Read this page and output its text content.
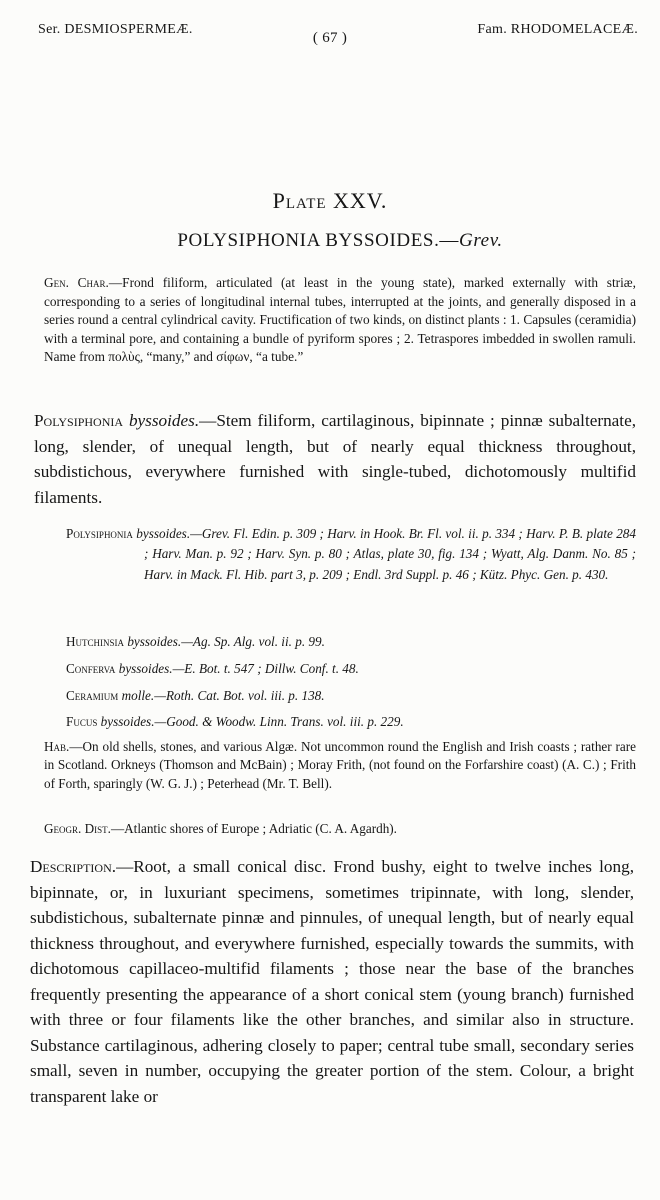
Ser. DESMIOSPERMEÆ.
( 67 )
Fam. RHODOMELACEÆ.
Plate XXV.
POLYSIPHONIA BYSSOIDES.—Grev.
Gen. Char.—Frond filiform, articulated (at least in the young state), marked externally with striæ, corresponding to a series of longitudinal internal tubes, interrupted at the joints, and generally disposed in a series round a central cylindrical cavity. Fructification of two kinds, on distinct plants : 1. Capsules (ceramidia) with a terminal pore, and containing a bundle of pyriform spores ; 2. Tetraspores imbedded in swollen ramuli. Name from πολὺς, “many,” and σίφων, “a tube.”
Polysiphonia byssoides.—Stem filiform, cartilaginous, bipinnate ; pinnæ subalternate, long, slender, of unequal length, but of nearly equal thickness throughout, subdistichous, everywhere furnished with single-tubed, dichotomously multifid filaments.
Polysiphonia byssoides.—Grev. Fl. Edin. p. 309 ; Harv. in Hook. Br. Fl. vol. ii. p. 334 ; Harv. P. B. plate 284 ; Harv. Man. p. 92 ; Harv. Syn. p. 80 ; Atlas, plate 30, fig. 134 ; Wyatt, Alg. Danm. No. 85 ; Harv. in Mack. Fl. Hib. part 3, p. 209 ; Endl. 3rd Suppl. p. 46 ; Kütz. Phyc. Gen. p. 430.
Hutchinsia byssoides.—Ag. Sp. Alg. vol. ii. p. 99.
Conferva byssoides.—E. Bot. t. 547 ; Dillw. Conf. t. 48.
Ceramium molle.—Roth. Cat. Bot. vol. iii. p. 138.
Fucus byssoides.—Good. & Woodw. Linn. Trans. vol. iii. p. 229.
Hab.—On old shells, stones, and various Algæ. Not uncommon round the English and Irish coasts ; rather rare in Scotland. Orkneys (Thomson and McBain) ; Moray Frith, (not found on the Forfarshire coast) (A. C.) ; Frith of Forth, sparingly (W. G. J.) ; Peterhead (Mr. T. Bell).
Geogr. Dist.—Atlantic shores of Europe ; Adriatic (C. A. Agardh).
Description.—Root, a small conical disc. Frond bushy, eight to twelve inches long, bipinnate, or, in luxuriant specimens, sometimes tripinnate, with long, slender, subdistichous, subalternate pinnæ and pinnules, of unequal length, but of nearly equal thickness throughout, and everywhere furnished, especially towards the summits, with dichotomous capillaceo-multifid filaments ; those near the base of the branches frequently presenting the appearance of a short conical stem (young branch) furnished with three or four filaments like the other branches, and similar also in structure. Substance cartilaginous, adhering closely to paper; central tube small, secondary series small, seven in number, occupying the greater portion of the stem. Colour, a bright transparent lake or
